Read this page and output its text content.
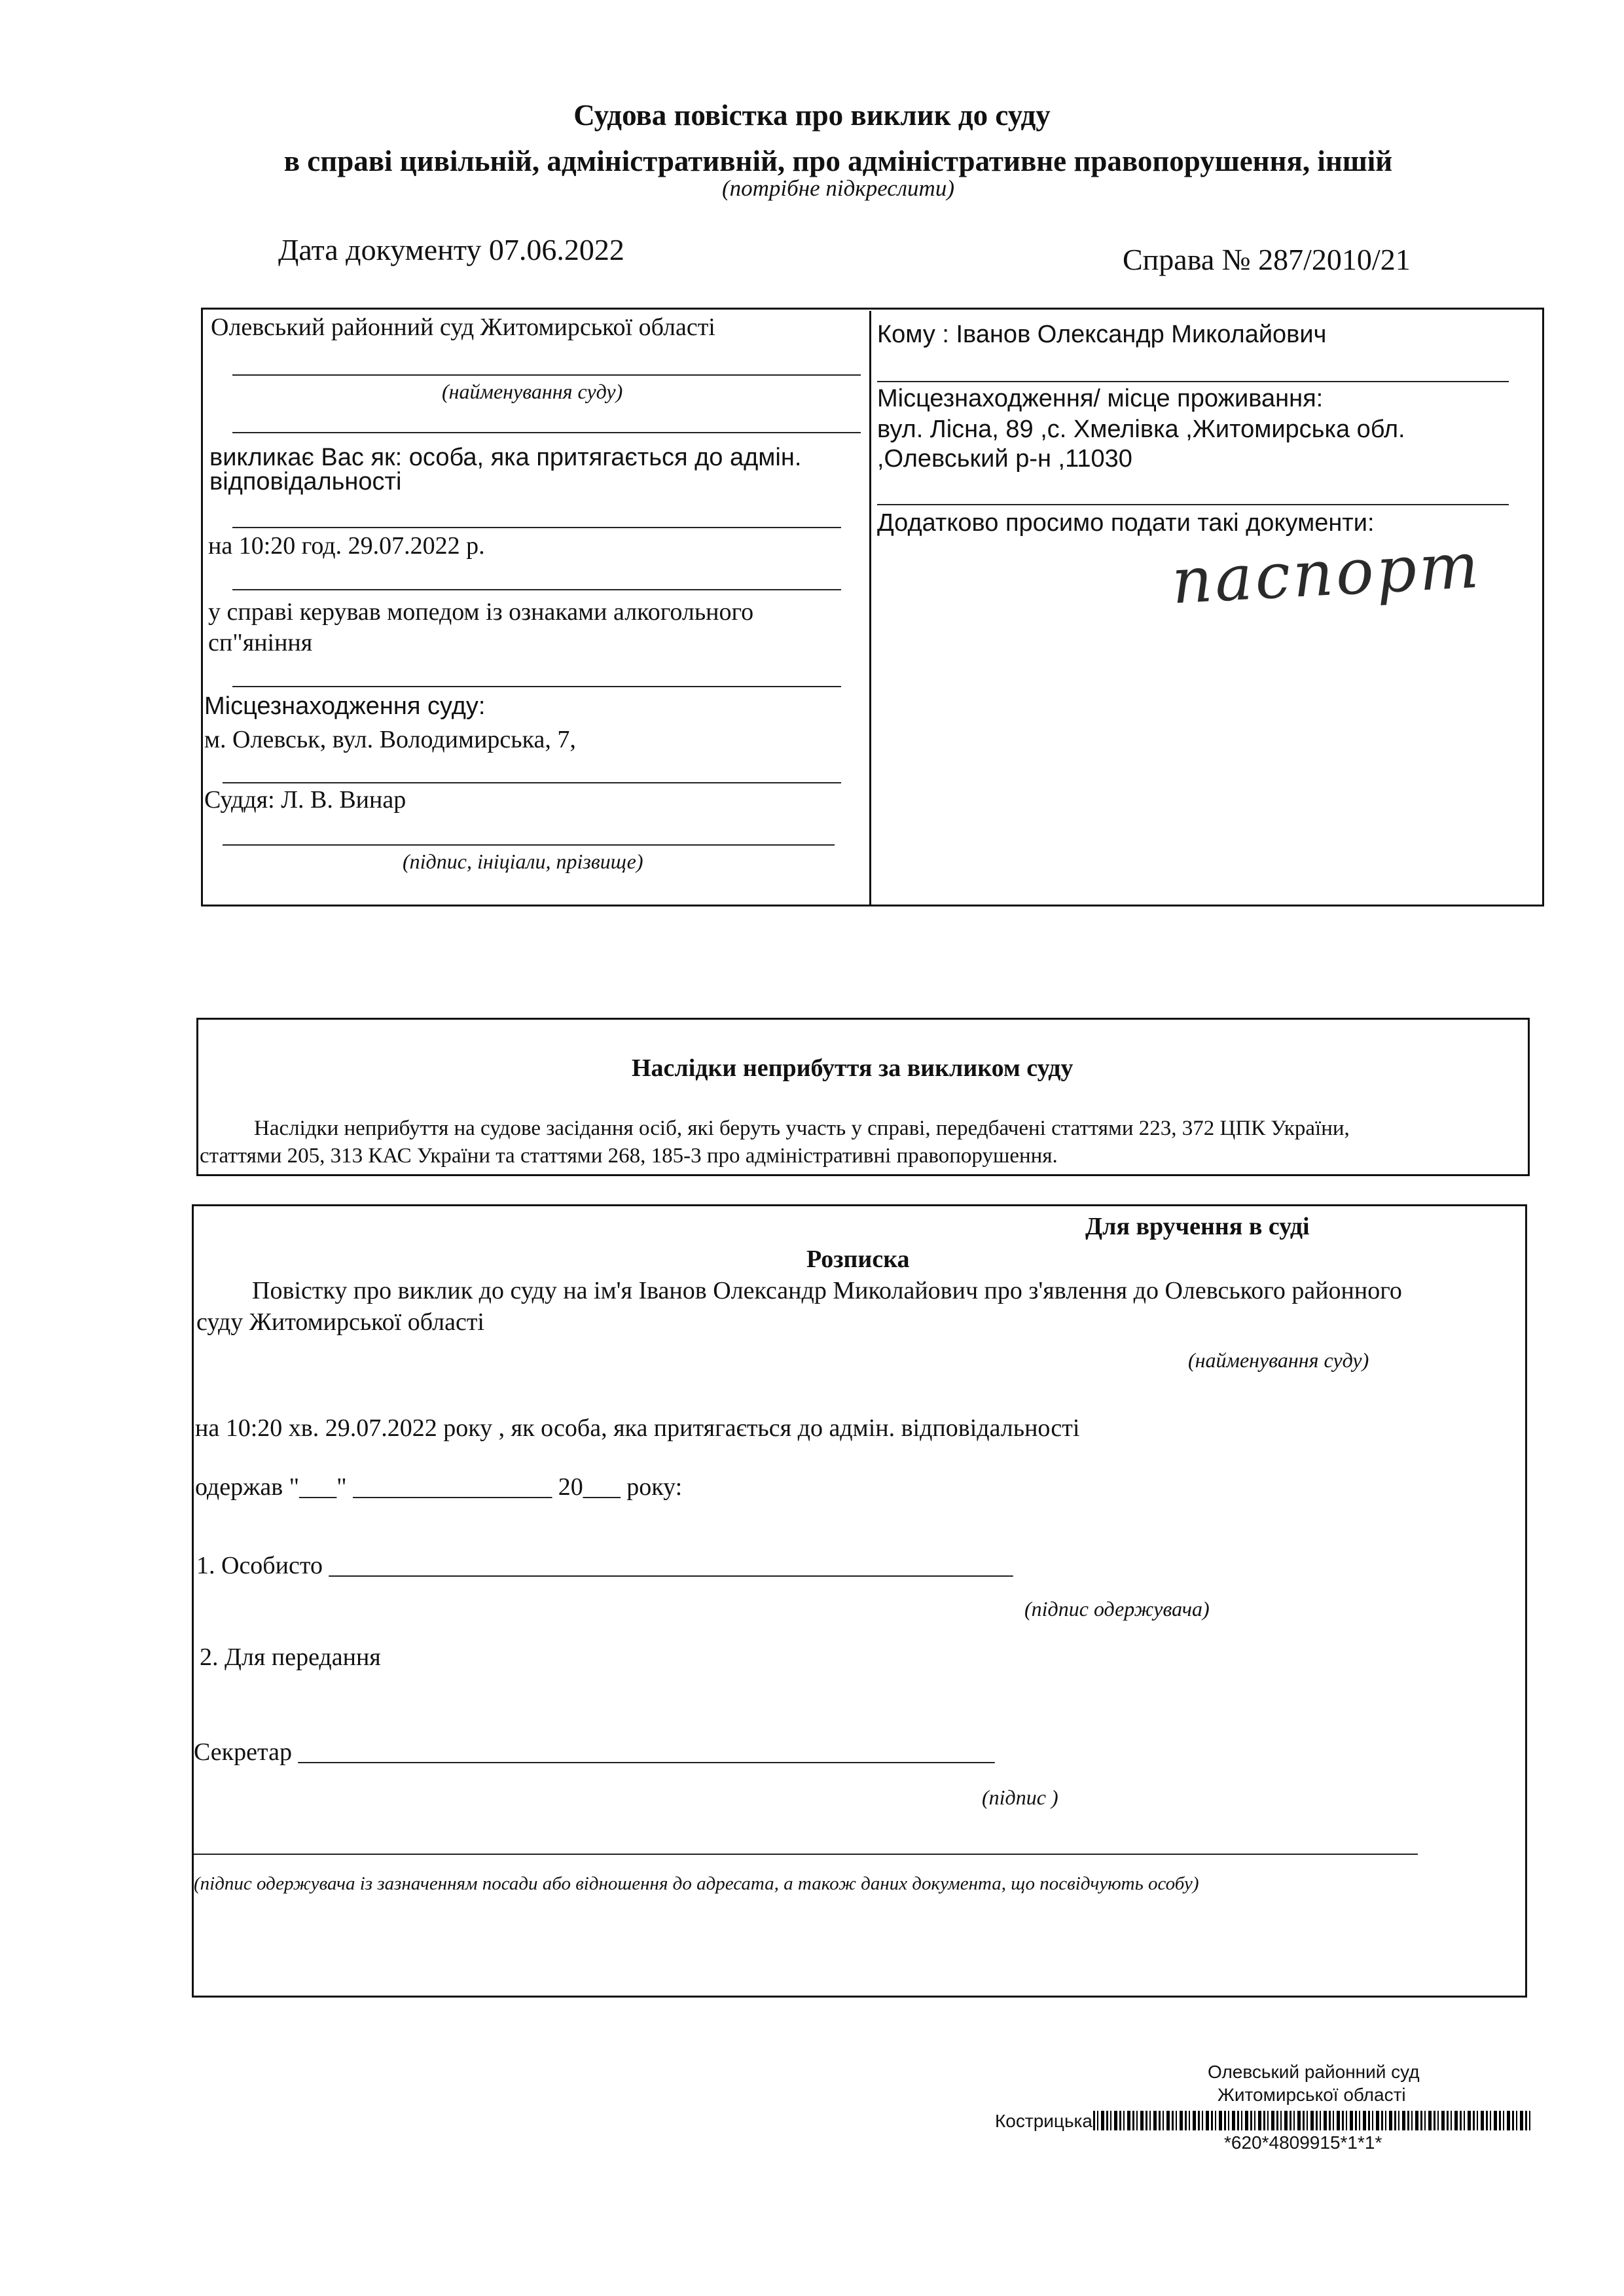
Судова повістка про виклик до суду
в справі цивільній, адміністративній, про адміністративне правопорушення, іншій
(потрібне підкреслити)
Дата документу 07.06.2022	Справа № 287/2010/21
Олевський районний суд Житомирської області
(найменування суду)
викликає Вас як: особа, яка притягається до адмін.
відповідальності
на 10:20 год. 29.07.2022 р.
у справі керував мопедом із ознаками алкогольного
сп"яніння
Місцезнаходження суду:
м. Олевськ, вул. Володимирська, 7,
Суддя: Л. В. Винар
(підпис, ініціали, прізвище)
Кому : Іванов Олександр Миколайович
Місцезнаходження/ місце проживання:
вул. Лісна, 89 ,с. Хмелівка ,Житомирська обл.
,Олевський р-н ,11030
Додатково просимо подати такі документи:
паспорт
Наслідки неприбуття за викликом суду
Наслідки неприбуття на судове засідання осіб, які беруть участь у справі, передбачені статтями 223, 372 ЦПК України,
статтями 205, 313 КАС України та статтями 268, 185-3 про адміністративні правопорушення.
Для вручення в суді
Розписка
Повістку про виклик до суду на ім'я Іванов Олександр Миколайович про з'явлення до Олевського районного
суду Житомирської області
(найменування суду)
на 10:20 хв. 29.07.2022 року , як особа, яка притягається до адмін. відповідальності
одержав "___" ________________ 20___ року:
1. Особисто _______________________________________________________
(підпис одержувача)
2. Для передання
Секретар ________________________________________________________
(підпис )
(підпис одержувача із зазначенням посади або відношення до адресата, а також даних документа, що посвідчують особу)
Олевський районний суд
Житомирської області
Кострицька
*620*4809915*1*1*
